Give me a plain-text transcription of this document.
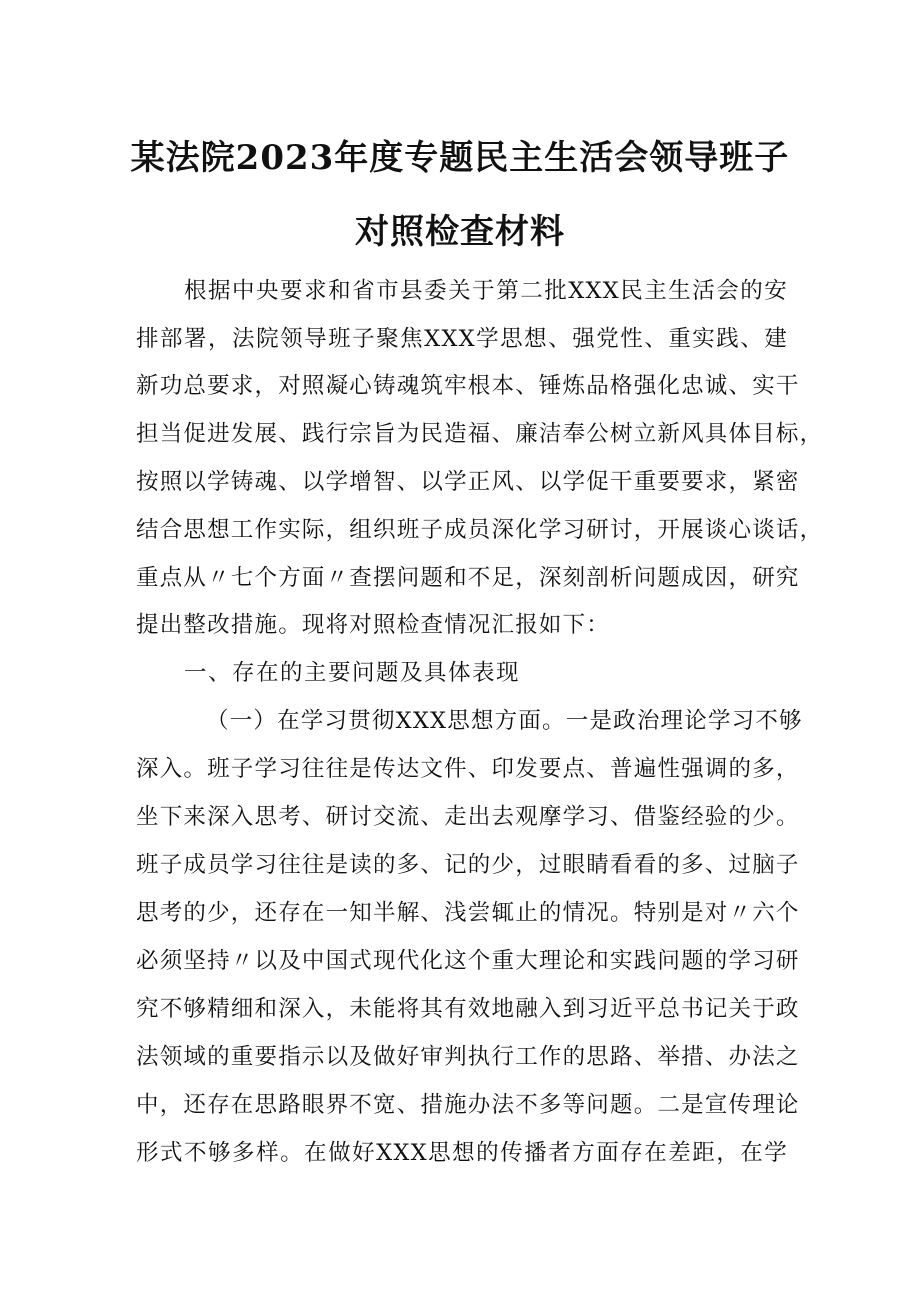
某法院2023年度专题民主生活会领导班子
对照检查材料
根据中央要求和省市县委关于第二批XXX民主生活会的安
排部署，法院领导班子聚焦XXX学思想、强党性、重实践、建
新功总要求，对照凝心铸魂筑牢根本、锤炼品格强化忠诚、实干
担当促进发展、践行宗旨为民造福、廉洁奉公树立新风具体目标，
按照以学铸魂、以学增智、以学正风、以学促干重要要求，紧密
结合思想工作实际，组织班子成员深化学习研讨，开展谈心谈话，
重点从〃七个方面〃查摆问题和不足，深刻剖析问题成因，研究
提出整改措施。现将对照检查情况汇报如下：
一、存在的主要问题及具体表现
（一）在学习贯彻XXX思想方面。一是政治理论学习不够
深入。班子学习往往是传达文件、印发要点、普遍性强调的多，
坐下来深入思考、研讨交流、走出去观摩学习、借鉴经验的少。
班子成员学习往往是读的多、记的少，过眼睛看看的多、过脑子
思考的少，还存在一知半解、浅尝辄止的情况。特别是对〃六个
必须坚持〃以及中国式现代化这个重大理论和实践问题的学习研
究不够精细和深入，未能将其有效地融入到习近平总书记关于政
法领域的重要指示以及做好审判执行工作的思路、举措、办法之
中，还存在思路眼界不宽、措施办法不多等问题。二是宣传理论
形式不够多样。在做好XXX思想的传播者方面存在差距，在学
